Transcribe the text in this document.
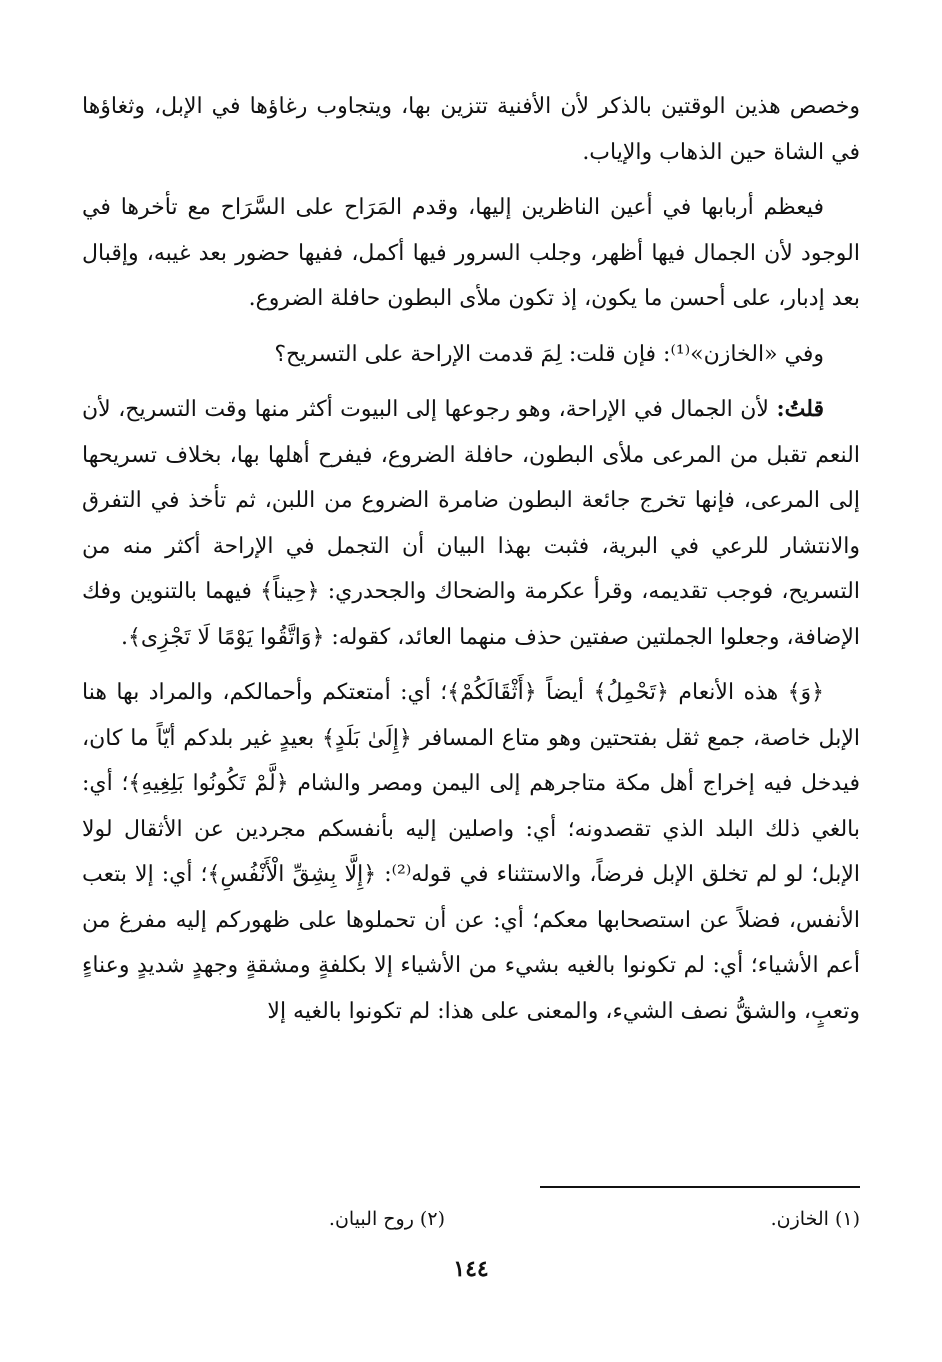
وخصص هذين الوقتين بالذكر لأن الأفنية تتزين بها، ويتجاوب رغاؤها في الإبل، وثغاؤها في الشاة حين الذهاب والإياب.

فيعظم أربابها في أعين الناظرين إليها، وقدم المَرَاح على السَّرَاح مع تأخرها في الوجود لأن الجمال فيها أظهر، وجلب السرور فيها أكمل، ففيها حضور بعد غيبه، وإقبال بعد إدبار، على أحسن ما يكون، إذ تكون ملأى البطون حافلة الضروع.

وفي «الخازن»⁽¹⁾: فإن قلت: لِمَ قدمت الإراحة على التسريح؟

قلتُ: لأن الجمال في الإراحة، وهو رجوعها إلى البيوت أكثر منها وقت التسريح، لأن النعم تقبل من المرعى ملأى البطون، حافلة الضروع، فيفرح أهلها بها، بخلاف تسريحها إلى المرعى، فإنها تخرج جائعة البطون ضامرة الضروع من اللبن، ثم تأخذ في التفرق والانتشار للرعي في البرية، فثبت بهذا البيان أن التجمل في الإراحة أكثر منه من التسريح، فوجب تقديمه، وقرأ عكرمة والضحاك والجحدري: ﴿حِيناً﴾ فيهما بالتنوين وفك الإضافة، وجعلوا الجملتين صفتين حذف منهما العائد، كقوله: ﴿وَاتَّقُوا يَوْمًا لَا تَجْزِى﴾.

﴿وَ﴾ هذه الأنعام ﴿تَحْمِلُ﴾ أيضاً ﴿أَثْقَالَكُمْ﴾؛ أي: أمتعتكم وأحمالكم، والمراد بها هنا الإبل خاصة، جمع ثقل بفتحتين وهو متاع المسافر ﴿إِلَىٰ بَلَدٍ﴾ بعيدٍ غير بلدكم أيّاً ما كان، فيدخل فيه إخراج أهل مكة متاجرهم إلى اليمن ومصر والشام ﴿لَّمْ تَكُونُوا بَلِغِيهِ﴾؛ أي: بالغي ذلك البلد الذي تقصدونه؛ أي: واصلين إليه بأنفسكم مجردين عن الأثقال لولا الإبل؛ لو لم تخلق الإبل فرضاً، والاستثناء في قوله⁽²⁾: ﴿إِلَّا بِشِقِّ الْأَنْفُسِ﴾؛ أي: إلا بتعب الأنفس، فضلاً عن استصحابها معكم؛ أي: عن أن تحملوها على ظهوركم إليه مفرغ من أعم الأشياء؛ أي: لم تكونوا بالغيه بشيء من الأشياء إلا بكلفةٍ ومشقةٍ وجهدٍ شديدٍ وعناءٍ وتعبٍ، والشقُّ نصف الشيء، والمعنى على هذا: لم تكونوا بالغيه إلا

(١) الخازن.
(٢) روح البيان.
١٤٤
